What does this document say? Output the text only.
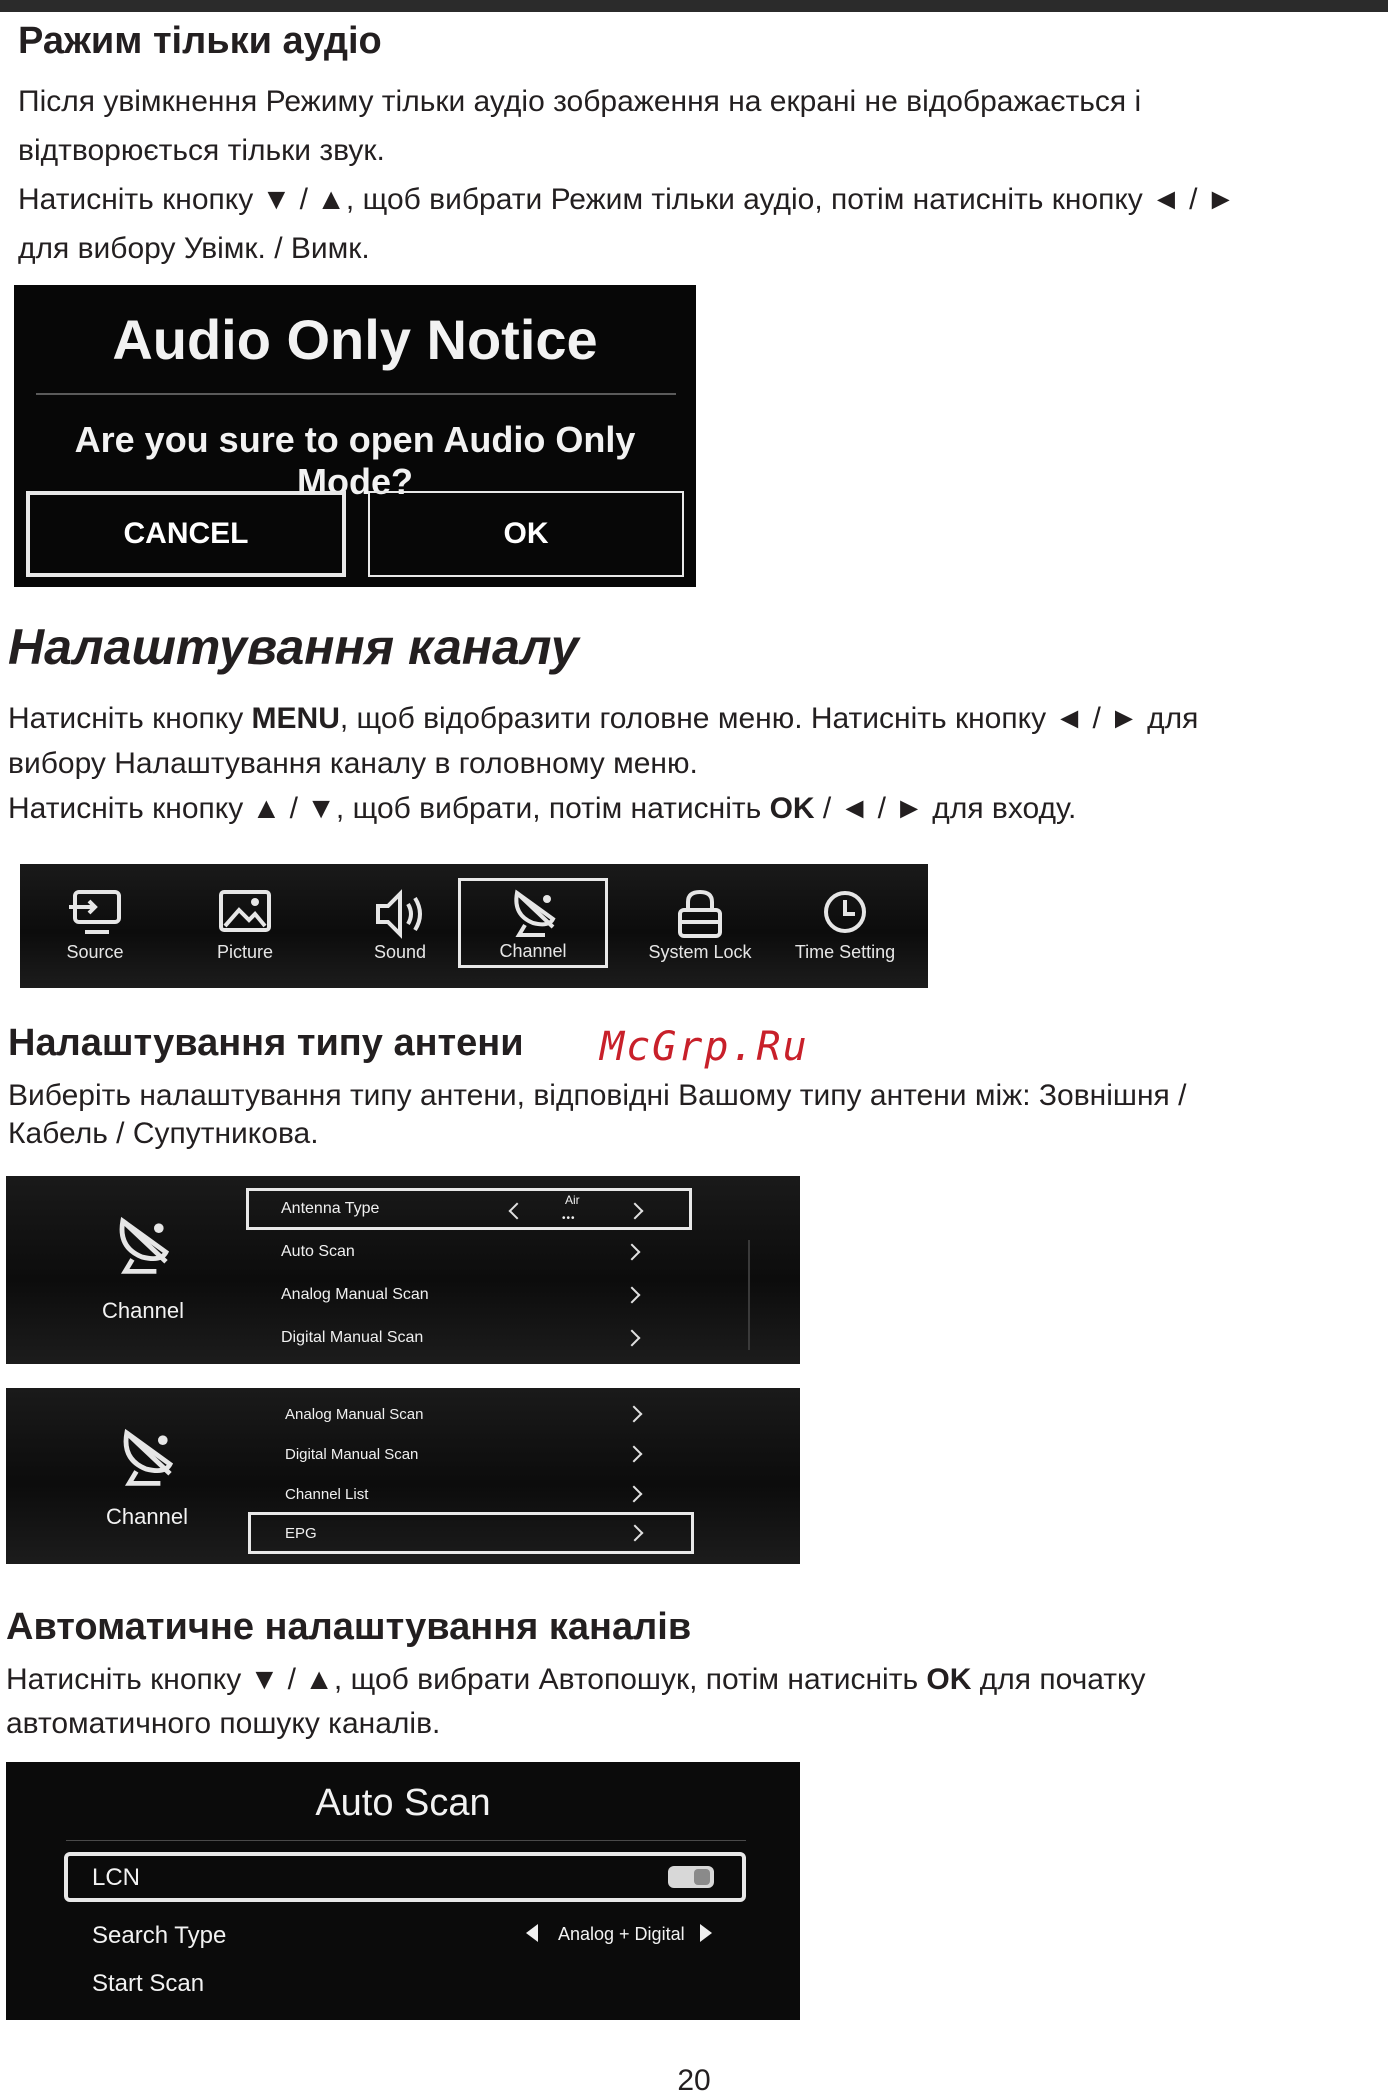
Ражим тільки аудіо
Після увімкнення Режиму тільки аудіо зображення на екрані не відображається і
відтворюється тільки звук.
Натисніть кнопку ▼ / ▲, щоб вибрати Режим тільки аудіо, потім натисніть кнопку ◄ / ►
для вибору Увімк. / Вимк.
Audio Only Notice
Are you sure to open Audio Only Mode?
CANCEL	OK
Налаштування каналу
Натисніть кнопку MENU, щоб відобразити головне меню. Натисніть кнопку ◄ / ► для
вибору Налаштування каналу в головному меню.
Натисніть кнопку ▲ / ▼, щоб вибрати, потім натисніть OK / ◄ / ► для входу.
Source	Picture	Sound	Channel	System Lock Time Setting
Налаштування типу антени McGrp.Ru
Виберіть налаштування типу антени, відповідні Вашому типу антени між: Зовнішня /
Кабель / Супутникова.
Channel
Antenna Type	Air
•••
Auto Scan
Analog Manual Scan
Digital Manual Scan
Channel
Analog Manual Scan
Digital Manual Scan
Channel List
EPG
Автоматичне налаштування каналів
Натисніть кнопку ▼ / ▲, щоб вибрати Автопошук, потім натисніть OK для початку
автоматичного пошуку каналів.
Auto Scan
LCN
Search Type	Analog + Digital
Start Scan
20
